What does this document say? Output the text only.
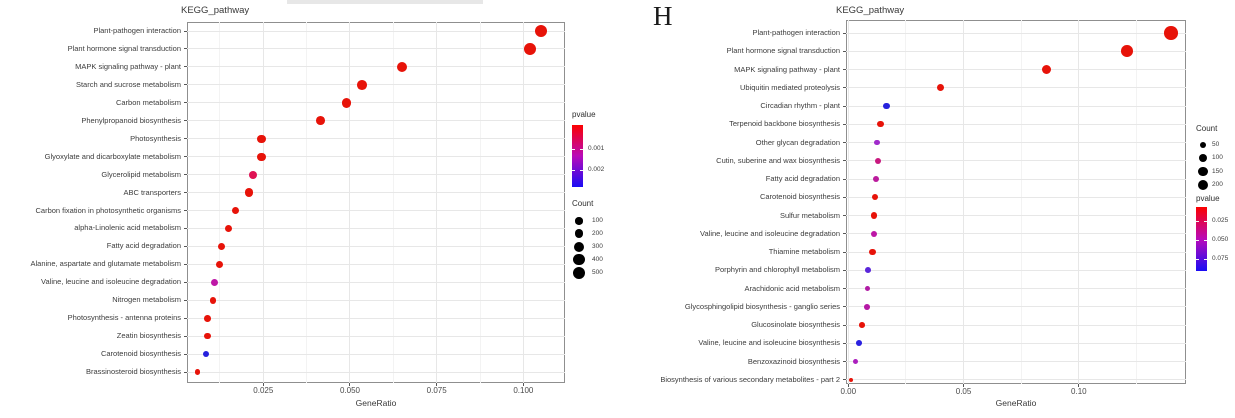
H
KEGG_pathway
0.025	0.050	0.075	0.100
Plant-pathogen interaction
Plant hormone signal transduction
MAPK signaling pathway - plant
Starch and sucrose metabolism
Carbon metabolism
Phenylpropanoid biosynthesis
Photosynthesis
Glyoxylate and dicarboxylate metabolism
Glycerolipid metabolism
ABC transporters
Carbon fixation in photosynthetic organisms
alpha-Linolenic acid metabolism
Fatty acid degradation
Alanine, aspartate and glutamate metabolism
Valine, leucine and isoleucine degradation
Nitrogen metabolism
Photosynthesis - antenna proteins
Zeatin biosynthesis
Carotenoid biosynthesis
Brassinosteroid biosynthesis
pvalue
0.001
0.002
Count
100
200
300
400
500
GeneRatio
KEGG_pathway
0.00	0.05	0.10
Plant-pathogen interaction
Plant hormone signal transduction
MAPK signaling pathway - plant
Ubiquitin mediated proteolysis
Circadian rhythm - plant
Terpenoid backbone biosynthesis
Other glycan degradation
Cutin, suberine and wax biosynthesis
Fatty acid degradation
Carotenoid biosynthesis
Sulfur metabolism
Valine, leucine and isoleucine degradation
Thiamine metabolism
Porphyrin and chlorophyll metabolism
Arachidonic acid metabolism
Glycosphingolipid biosynthesis - ganglio series
Glucosinolate biosynthesis
Valine, leucine and isoleucine biosynthesis
Benzoxazinoid biosynthesis
Biosynthesis of various secondary metabolites - part 2
Count
50
100
150
200
pvalue
0.025
0.050
0.075
GeneRatio
